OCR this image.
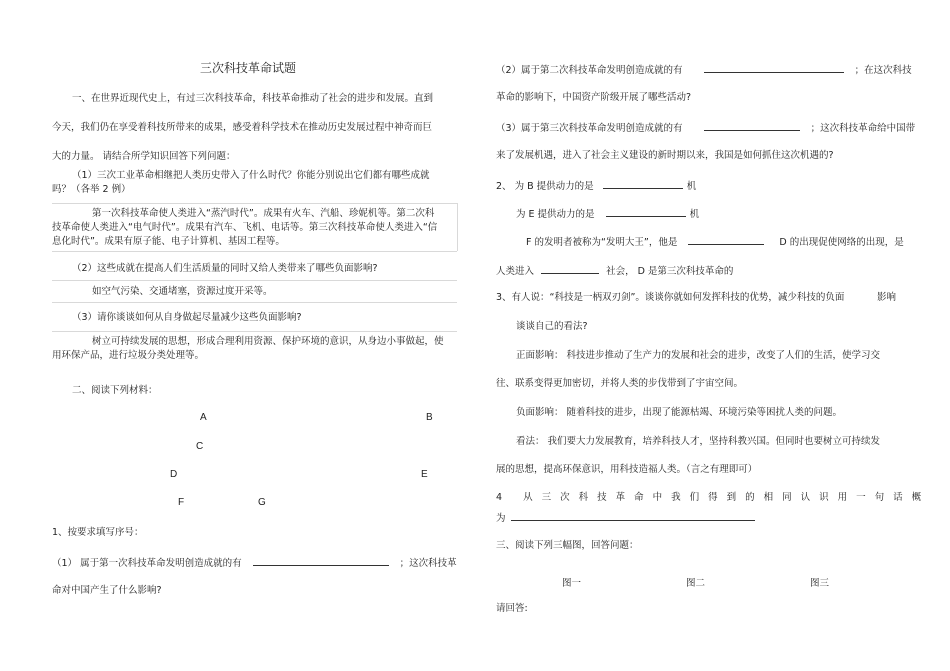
三次科技革命试题
一、在世界近现代史上，有过三次科技革命，科技革命推动了社会的进步和发展。直到
今天，我们仍在享受着科技所带来的成果，感受着科学技术在推动历史发展过程中神奇而巨
大的力量。 请结合所学知识回答下列问题：
（1）三次工业革命相继把人类历史带入了什么时代？你能分别说出它们都有哪些成就
吗？（各举 2 例）
第一次科技革命使人类进入“蒸汽时代”。成果有火车、汽船、珍妮机等。第二次科
技革命使人类进入“电气时代”。成果有汽车、飞机、电话等。第三次科技革命使人类进入“信
息化时代”。成果有原子能、电子计算机、基因工程等。
（2）这些成就在提高人们生活质量的同时又给人类带来了哪些负面影响?
如空气污染、交通堵塞，资源过度开采等。
（3）请你谈谈如何从自身做起尽量减少这些负面影响?
树立可持续发展的思想，形成合理利用资源、保护环境的意识，从身边小事做起，使
用环保产品，进行垃圾分类处理等。
二、阅读下列材料：
A	B
C
D	E
F	G
1、按要求填写序号：
（1） 属于第一次科技革命发明创造成就的有	；这次科技革
命对中国产生了什么影响?
（2）属于第二次科技革命发明创造成就的有	；在这次科技
革命的影响下，中国资产阶级开展了哪些活动?
（3）属于第三次科技革命发明创造成就的有	；这次科技革命给中国带
来了发展机遇，进入了社会主义建设的新时期以来，我国是如何抓住这次机遇的?
2、 为 B 提供动力的是	机
为 E 提供动力的是	机
F 的发明者被称为“发明大王”，他是	D 的出现促使网络的出现，是
人类进入	社会， D 是第三次科技革命的
3、有人说：“科技是一柄双刃剑”。谈谈你就如何发挥科技的优势，减少科技的负面	影响
谈谈自己的看法?
正面影响： 科技进步推动了生产力的发展和社会的进步，改变了人们的生活，使学习交
往、联系变得更加密切，并将人类的步伐带到了宇宙空间。
负面影响： 随着科技的进步，出现了能源枯竭、环境污染等困扰人类的问题。
看法： 我们要大力发展教育，培养科技人才，坚持科教兴国。但同时也要树立可持续发
展的思想，提高环保意识，用科技造福人类。（言之有理即可）
4 从三次科技革命中我们得到的相同认识用一句话概
为
三、阅读下列三幅图，回答问题：
图一	图二	图三
请回答:
